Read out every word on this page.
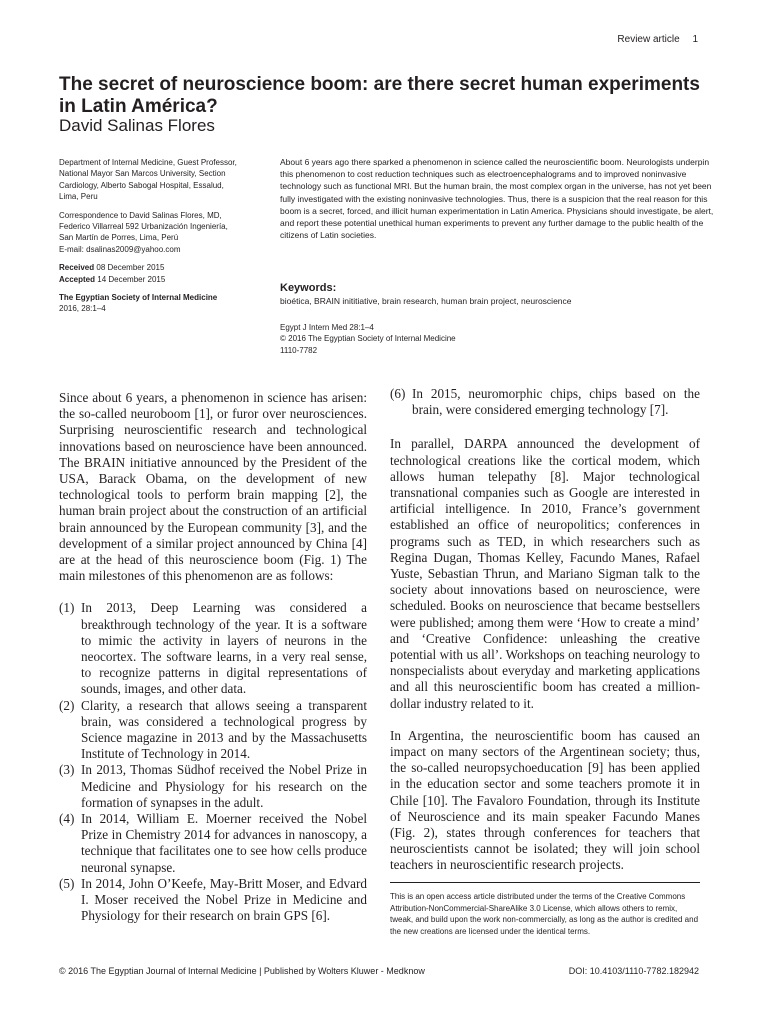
Review article 1
The secret of neuroscience boom: are there secret human experiments in Latin América?
David Salinas Flores

Department of Internal Medicine, Guest Professor, National Mayor San Marcos University, Section Cardiology, Alberto Sabogal Hospital, Essalud, Lima, Peru

Correspondence to David Salinas Flores, MD, Federico Villarreal 592 Urbanización Ingeniería, San Martín de Porres, Lima, Perú
E-mail: dsalinas2009@yahoo.com

Received 08 December 2015
Accepted 14 December 2015

The Egyptian Society of Internal Medicine
2016, 28:1–4

About 6 years ago there sparked a phenomenon in science called the neuroscientific boom. Neurologists underpin this phenomenon to cost reduction techniques such as electroencephalograms and to improved noninvasive technology such as functional MRI. But the human brain, the most complex organ in the universe, has not yet been fully investigated with the existing noninvasive technologies. Thus, there is a suspicion that the real reason for this boom is a secret, forced, and illicit human experimentation in Latin America. Physicians should investigate, be alert, and report these potential unethical human experiments to prevent any further damage to the public health of the citizens of Latin societies.

Keywords:

bioética, BRAIN inititiative, brain research, human brain project, neuroscience

Egypt J Intern Med 28:1–4
© 2016 The Egyptian Society of Internal Medicine
1110-7782

Since about 6 years, a phenomenon in science has arisen: the so-called neuroboom [1], or furor over neurosciences. Surprising neuroscientific research and technological innovations based on neuroscience have been announced. The BRAIN initiative announced by the President of the USA, Barack Obama, on the development of new technological tools to perform brain mapping [2], the human brain project about the construction of an artificial brain announced by the European community [3], and the development of a similar project announced by China [4] are at the head of this neuroscience boom (Fig. 1) The main milestones of this phenomenon are as follows:

(1) In 2013, Deep Learning was considered a breakthrough technology of the year. It is a software to mimic the activity in layers of neurons in the neocortex. The software learns, in a very real sense, to recognize patterns in digital representations of sounds, images, and other data.
(2) Clarity, a research that allows seeing a transparent brain, was considered a technological progress by Science magazine in 2013 and by the Massachusetts Institute of Technology in 2014.
(3) In 2013, Thomas Südhof received the Nobel Prize in Medicine and Physiology for his research on the formation of synapses in the adult.
(4) In 2014, William E. Moerner received the Nobel Prize in Chemistry 2014 for advances in nanoscopy, a technique that facilitates one to see how cells produce neuronal synapse.
(5) In 2014, John O’Keefe, May-Britt Moser, and Edvard I. Moser received the Nobel Prize in Medicine and Physiology for their research on brain GPS [6].
(6) In 2015, neuromorphic chips, chips based on the brain, were considered emerging technology [7].

In parallel, DARPA announced the development of technological creations like the cortical modem, which allows human telepathy [8]. Major technological transnational companies such as Google are interested in artificial intelligence. In 2010, France’s government established an office of neuropolitics; conferences in programs such as TED, in which researchers such as Regina Dugan, Thomas Kelley, Facundo Manes, Rafael Yuste, Sebastian Thrun, and Mariano Sigman talk to the society about innovations based on neuroscience, were scheduled. Books on neuroscience that became bestsellers were published; among them were ‘How to create a mind’ and ‘Creative Confidence: unleashing the creative potential with us all’. Workshops on teaching neurology to nonspecialists about everyday and marketing applications and all this neuroscientific boom has created a million-dollar industry related to it.

In Argentina, the neuroscientific boom has caused an impact on many sectors of the Argentinean society; thus, the so-called neuropsychoeducation [9] has been applied in the education sector and some teachers promote it in Chile [10]. The Favaloro Foundation, through its Institute of Neuroscience and its main speaker Facundo Manes (Fig. 2), states through conferences for teachers that neuroscientists cannot be isolated; they will join school teachers in neuroscientific research projects.

This is an open access article distributed under the terms of the Creative Commons Attribution-NonCommercial-ShareAlike 3.0 License, which allows others to remix, tweak, and build upon the work non-commercially, as long as the author is credited and the new creations are licensed under the identical terms.

© 2016 The Egyptian Journal of Internal Medicine | Published by Wolters Kluwer - Medknow	DOI: 10.4103/1110-7782.182942
